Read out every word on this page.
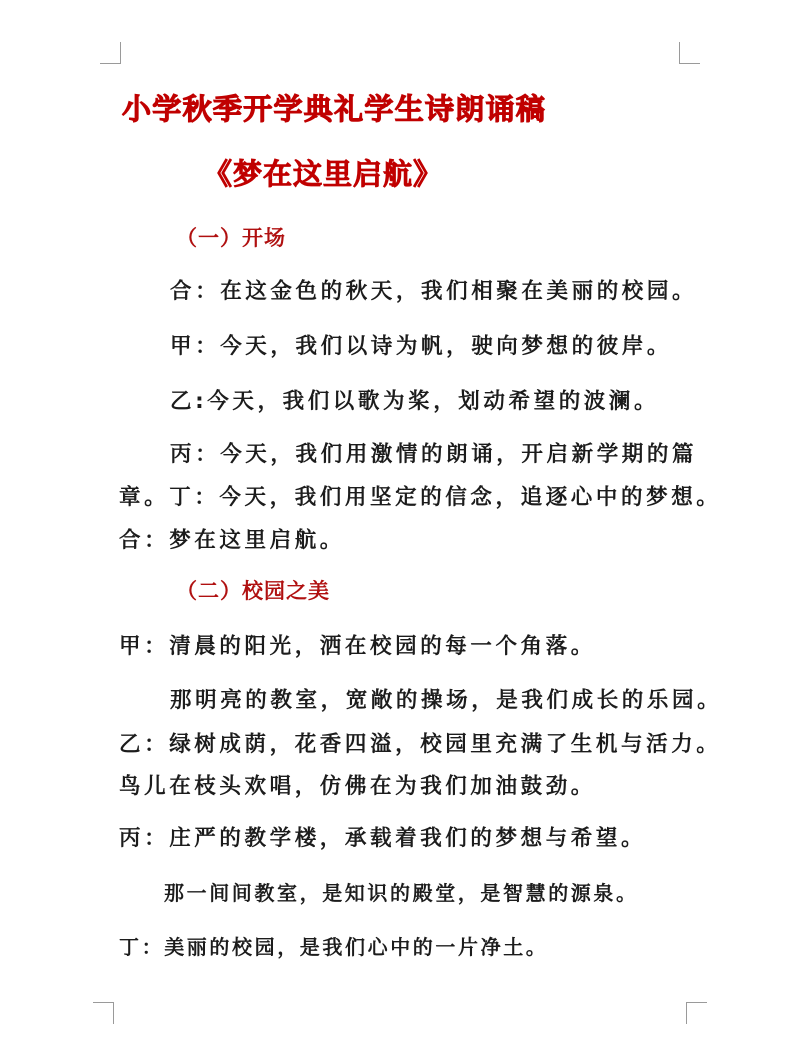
小学秋季开学典礼学生诗朗诵稿
《梦在这里启航》
（一）开场
合：在这金色的秋天，我们相聚在美丽的校园。
甲：今天，我们以诗为帆，驶向梦想的彼岸。
乙:今天，我们以歌为桨，划动希望的波澜。
丙：今天，我们用激情的朗诵，开启新学期的篇
章。丁：今天，我们用坚定的信念，追逐心中的梦想。
合：梦在这里启航。
（二）校园之美
甲：清晨的阳光，洒在校园的每一个角落。
那明亮的教室，宽敞的操场，是我们成长的乐园。
乙：绿树成荫，花香四溢，校园里充满了生机与活力。
鸟儿在枝头欢唱，仿佛在为我们加油鼓劲。
丙：庄严的教学楼，承载着我们的梦想与希望。
那一间间教室，是知识的殿堂，是智慧的源泉。
丁：美丽的校园，是我们心中的一片净土。
